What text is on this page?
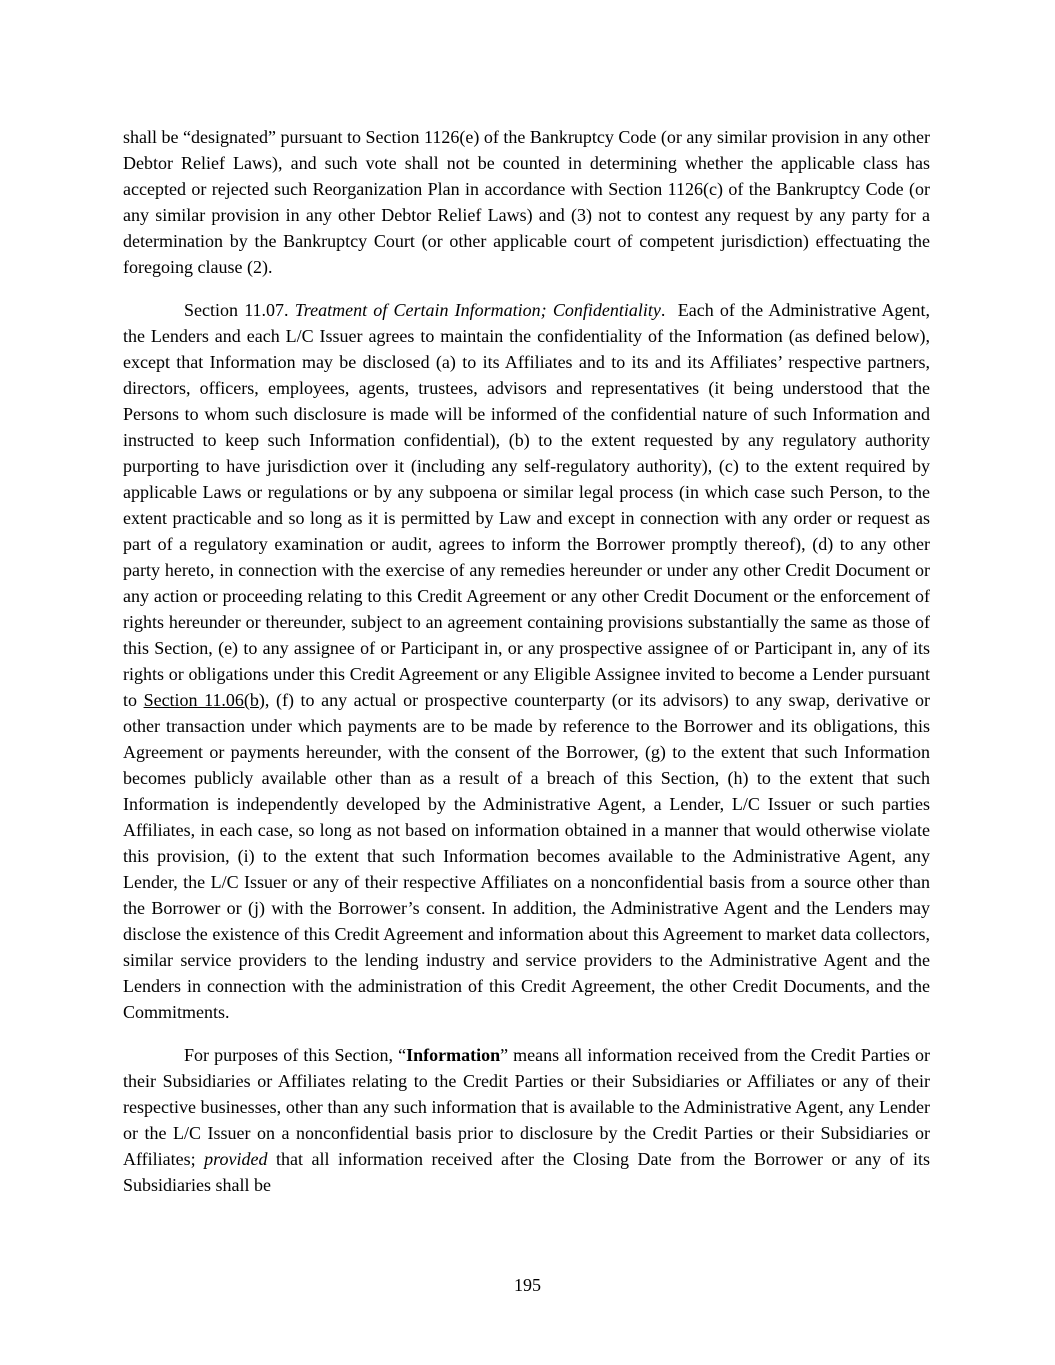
shall be “designated” pursuant to Section 1126(e) of the Bankruptcy Code (or any similar provision in any other Debtor Relief Laws), and such vote shall not be counted in determining whether the applicable class has accepted or rejected such Reorganization Plan in accordance with Section 1126(c) of the Bankruptcy Code (or any similar provision in any other Debtor Relief Laws) and (3) not to contest any request by any party for a determination by the Bankruptcy Court (or other applicable court of competent jurisdiction) effectuating the foregoing clause (2).

Section 11.07. Treatment of Certain Information; Confidentiality.  Each of the Administrative Agent, the Lenders and each L/C Issuer agrees to maintain the confidentiality of the Information (as defined below), except that Information may be disclosed (a) to its Affiliates and to its and its Affiliates’ respective partners, directors, officers, employees, agents, trustees, advisors and representatives (it being understood that the Persons to whom such disclosure is made will be informed of the confidential nature of such Information and instructed to keep such Information confidential), (b) to the extent requested by any regulatory authority purporting to have jurisdiction over it (including any self-regulatory authority), (c) to the extent required by applicable Laws or regulations or by any subpoena or similar legal process (in which case such Person, to the extent practicable and so long as it is permitted by Law and except in connection with any order or request as part of a regulatory examination or audit, agrees to inform the Borrower promptly thereof), (d) to any other party hereto, in connection with the exercise of any remedies hereunder or under any other Credit Document or any action or proceeding relating to this Credit Agreement or any other Credit Document or the enforcement of rights hereunder or thereunder, subject to an agreement containing provisions substantially the same as those of this Section, (e) to any assignee of or Participant in, or any prospective assignee of or Participant in, any of its rights or obligations under this Credit Agreement or any Eligible Assignee invited to become a Lender pursuant to Section 11.06(b), (f) to any actual or prospective counterparty (or its advisors) to any swap, derivative or other transaction under which payments are to be made by reference to the Borrower and its obligations, this Agreement or payments hereunder, with the consent of the Borrower, (g) to the extent that such Information becomes publicly available other than as a result of a breach of this Section, (h) to the extent that such Information is independently developed by the Administrative Agent, a Lender, L/C Issuer or such parties Affiliates, in each case, so long as not based on information obtained in a manner that would otherwise violate this provision, (i) to the extent that such Information becomes available to the Administrative Agent, any Lender, the L/C Issuer or any of their respective Affiliates on a nonconfidential basis from a source other than the Borrower or (j) with the Borrower’s consent. In addition, the Administrative Agent and the Lenders may disclose the existence of this Credit Agreement and information about this Agreement to market data collectors, similar service providers to the lending industry and service providers to the Administrative Agent and the Lenders in connection with the administration of this Credit Agreement, the other Credit Documents, and the Commitments.

For purposes of this Section, “Information” means all information received from the Credit Parties or their Subsidiaries or Affiliates relating to the Credit Parties or their Subsidiaries or Affiliates or any of their respective businesses, other than any such information that is available to the Administrative Agent, any Lender or the L/C Issuer on a nonconfidential basis prior to disclosure by the Credit Parties or their Subsidiaries or Affiliates; provided that all information received after the Closing Date from the Borrower or any of its Subsidiaries shall be

195
